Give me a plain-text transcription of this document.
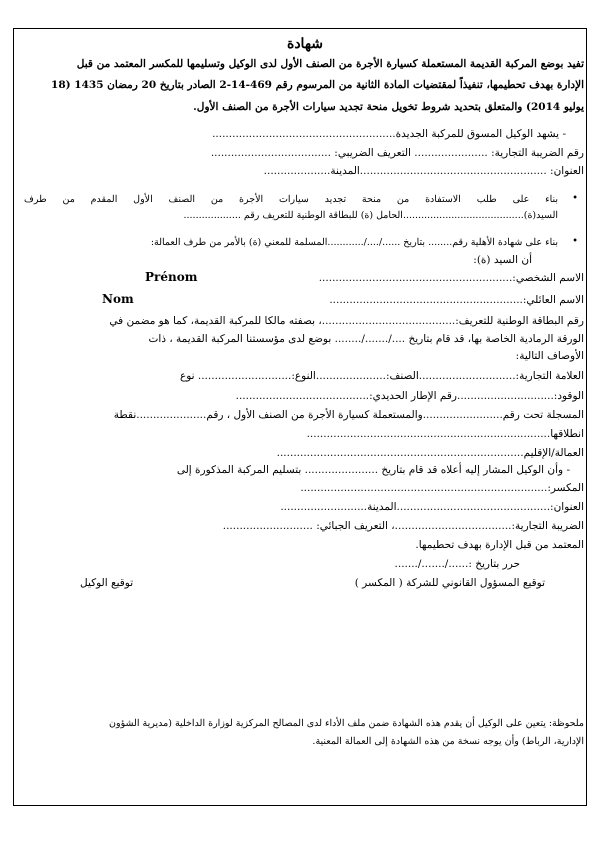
شهادة
تفيد بوضع المركبة القديمة المستعملة كسيارة الأجرة من الصنف الأول لدى الوكيل وتسليمها للمكسر المعتمد من قبل
الإدارة بهدف تحطيمها، تنفيذاً لمقتضيات المادة الثانية من المرسوم رقم 469-14-2 الصادر بتاريخ 20 رمضان 1435 (18
يوليو 2014) والمتعلق بتحديد شروط تخويل منحة تجديد سيارات الأجرة من الصنف الأول.
- يشهد الوكيل المسوق للمركبة الجديدة.......................................................
رقم الضريبة التجارية: ...................... التعريف الضريبي: ....................................
العنوان: ........................................................المدينة....................
•
بناء على طلب الاستفادة من منحة تجديد سيارات الأجرة من الصنف الأول المقدم من طرف
السيد(ة)........................................الحامل (ة) للبطاقة الوطنية للتعريف رقم ...................
•
بناء على شهادة الأهلية رقم........ بتاريخ ....../..../............المسلمة للمعني (ة) بالأمر من طرف العمالة:
أن السيد (ة):
الاسم الشخصي:..........................................................
Prénom
الاسم العائلي:..........................................................
Nom
رقم البطاقة الوطنية للتعريف:........................................، بصفته مالكا للمركبة القديمة، كما هو مضمن في
الورقة الرمادية الخاصة بها، قد قام بتاريخ ..../......./........ بوضع لدى مؤسستنا المركبة القديمة ، ذات
الأوصاف التالية:
العلامة التجارية:.............................الصنف:.....................النوع:............................ نوع
الوقود:.............................رقم الإطار الحديدي:........................................
المسجلة تحت رقم........................والمستعملة كسيارة الأجرة من الصنف الأول ، رقم.....................نقطة
انطلاقها.........................................................................
العمالة/الإقليم..........................................................................
- وأن الوكيل المشار إليه أعلاه قد قام بتاريخ ...................... بتسليم المركبة المذكورة إلى
المكسر:..........................................................................
العنوان:..............................................المدينة..........................
الضريبة التجارية:...................................، التعريف الجبائي: ...........................
المعتمد من قبل الإدارة بهدف تحطيمها.
حرر بتاريخ :....../......./.......
توقيع المسؤول القانوني للشركة ( المكسر )
توقيع الوكيل
ملحوظة: يتعين على الوكيل أن يقدم هذه الشهادة ضمن ملف الأداء لدى المصالح المركزية لوزارة الداخلية (مديرية الشؤون
الإدارية، الرباط) وأن يوجه نسخة من هذه الشهادة إلى العمالة المعنية.
